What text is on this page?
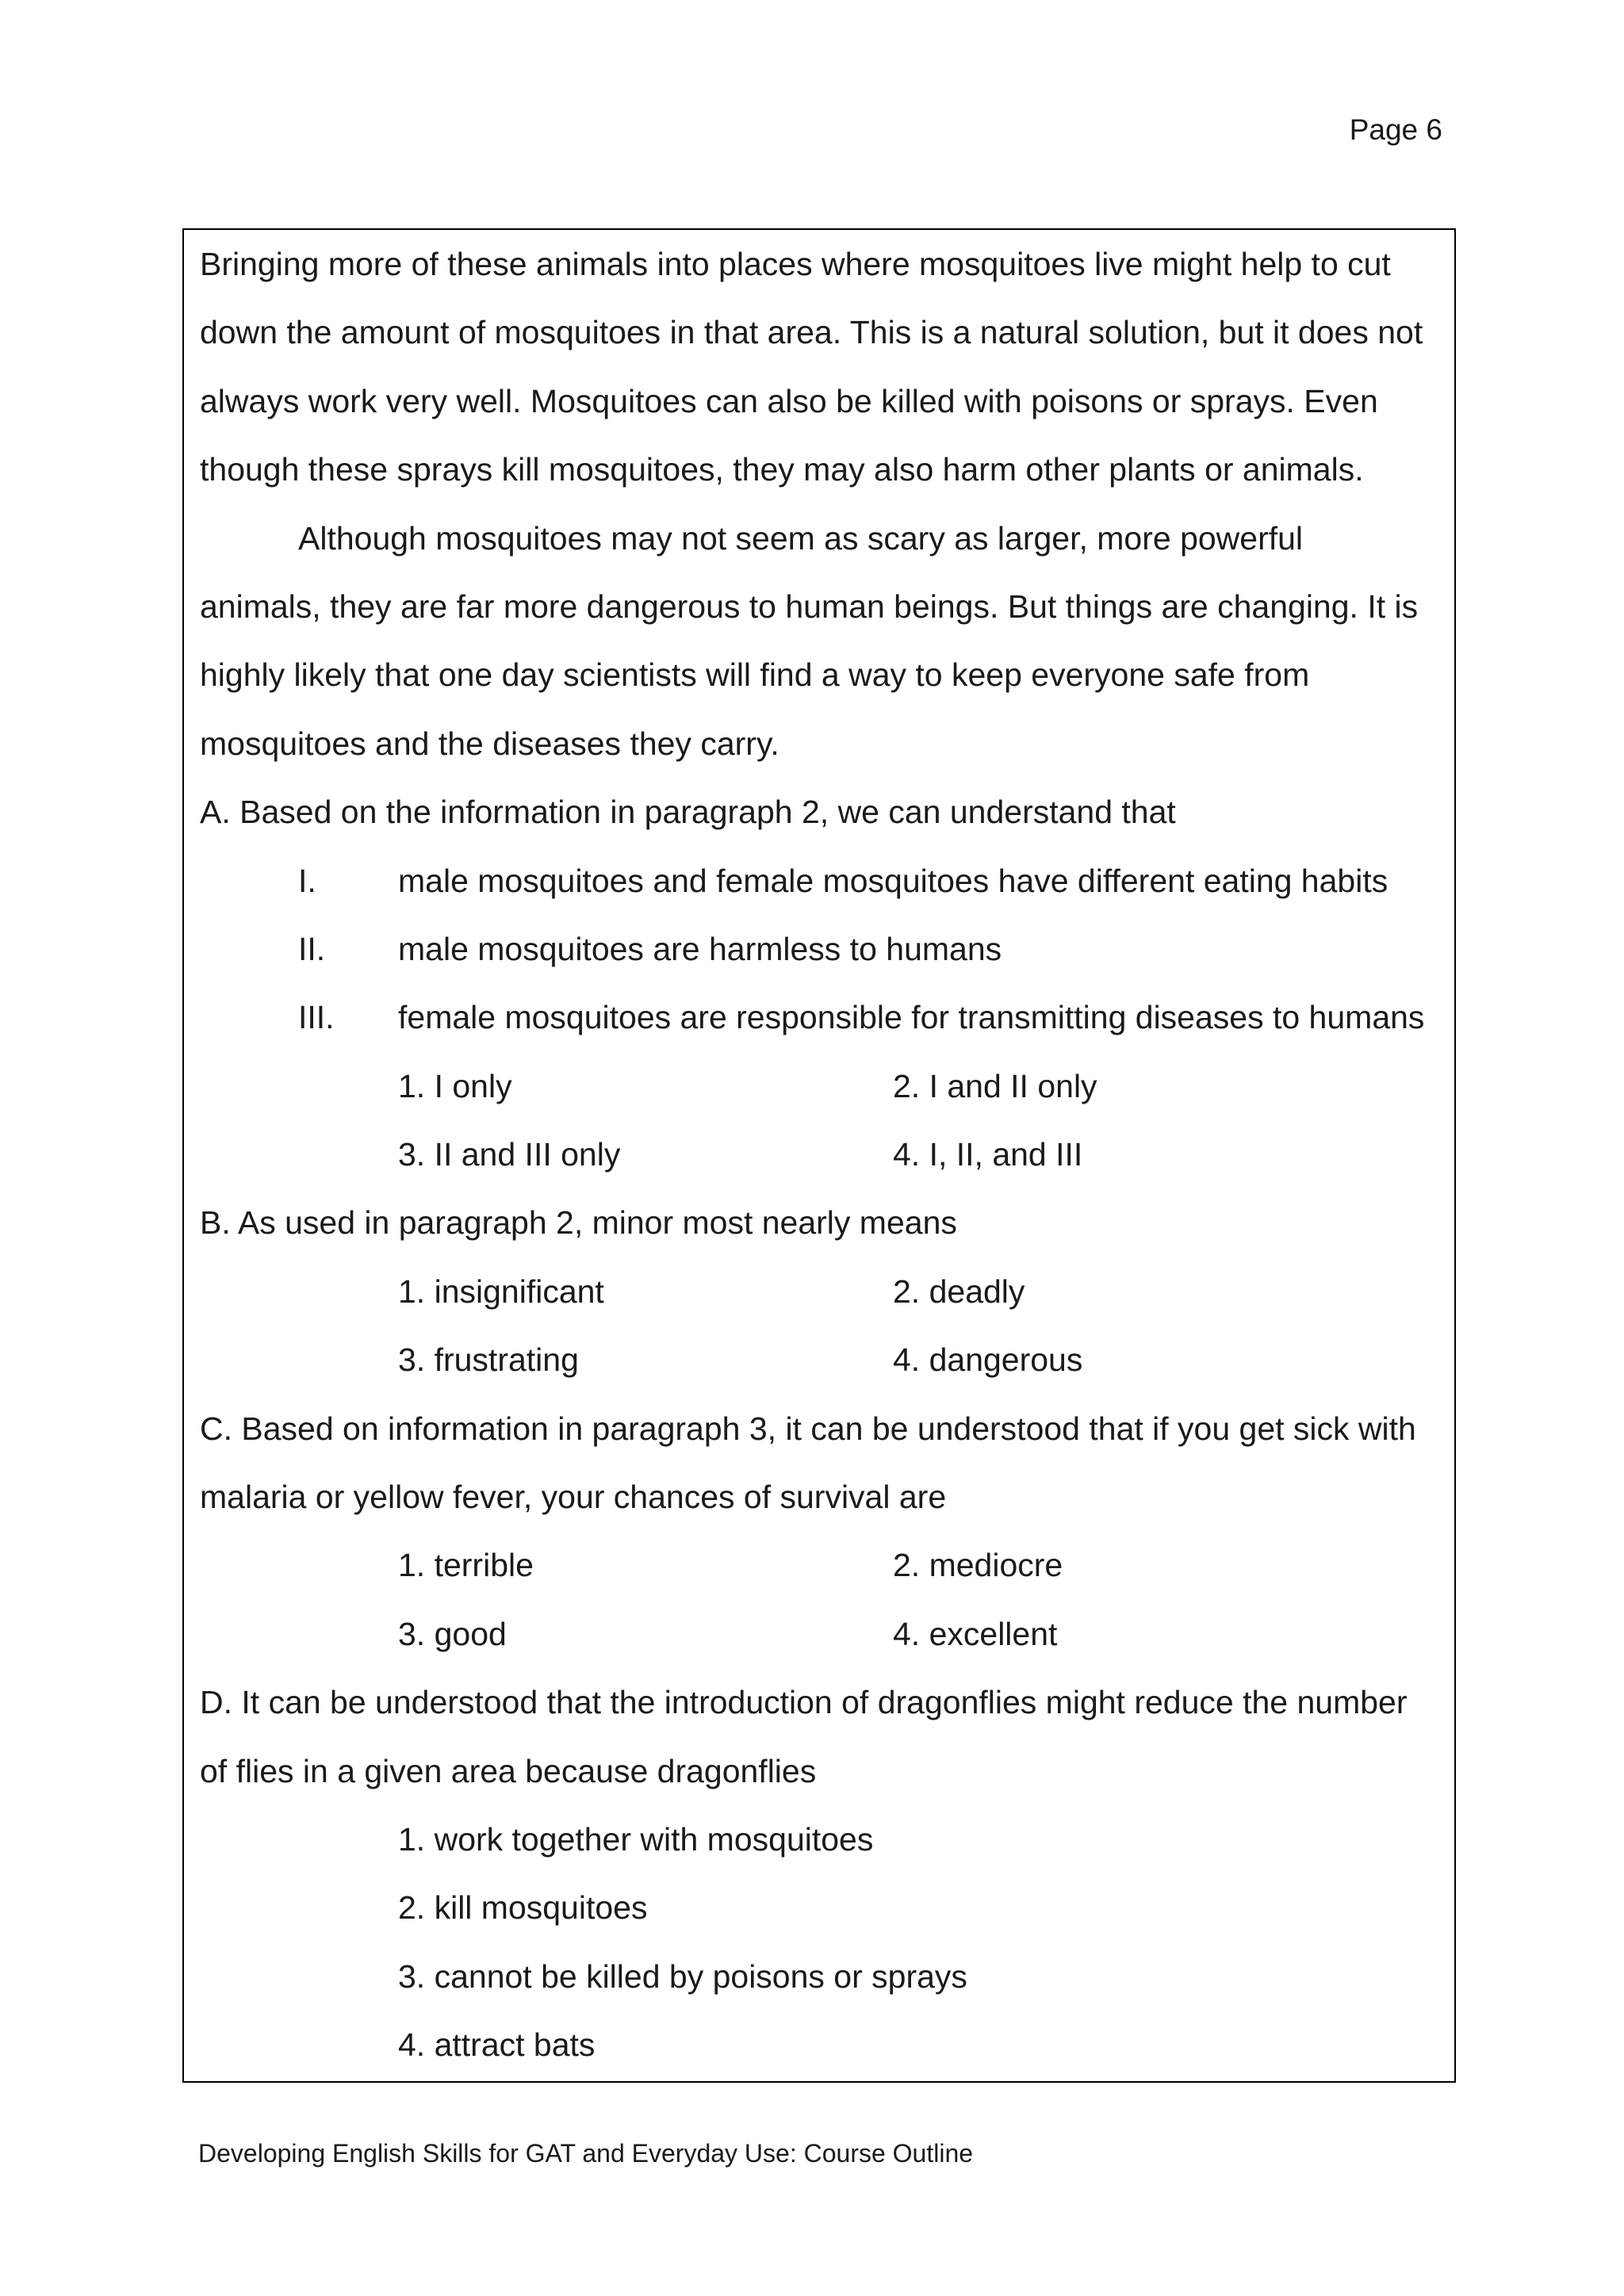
Page 6
Bringing more of these animals into places where mosquitoes live might help to cut
down the amount of mosquitoes in that area. This is a natural solution, but it does not
always work very well. Mosquitoes can also be killed with poisons or sprays. Even
though these sprays kill mosquitoes, they may also harm other plants or animals.
Although mosquitoes may not seem as scary as larger, more powerful
animals, they are far more dangerous to human beings. But things are changing. It is
highly likely that one day scientists will find a way to keep everyone safe from
mosquitoes and the diseases they carry.
A. Based on the information in paragraph 2, we can understand that
I.	male mosquitoes and female mosquitoes have different eating habits
II. male mosquitoes are harmless to humans
III. female mosquitoes are responsible for transmitting diseases to humans
1. I only	2. I and II only
3. II and III only	4. I, II, and III
B. As used in paragraph 2, minor most nearly means
1. insignificant	2. deadly
3. frustrating	4. dangerous
C. Based on information in paragraph 3, it can be understood that if you get sick with
malaria or yellow fever, your chances of survival are
1. terrible	2. mediocre
3. good	4. excellent
D. It can be understood that the introduction of dragonflies might reduce the number
of flies in a given area because dragonflies
1. work together with mosquitoes
2. kill mosquitoes
3. cannot be killed by poisons or sprays
4. attract bats
Developing English Skills for GAT and Everyday Use: Course Outline
